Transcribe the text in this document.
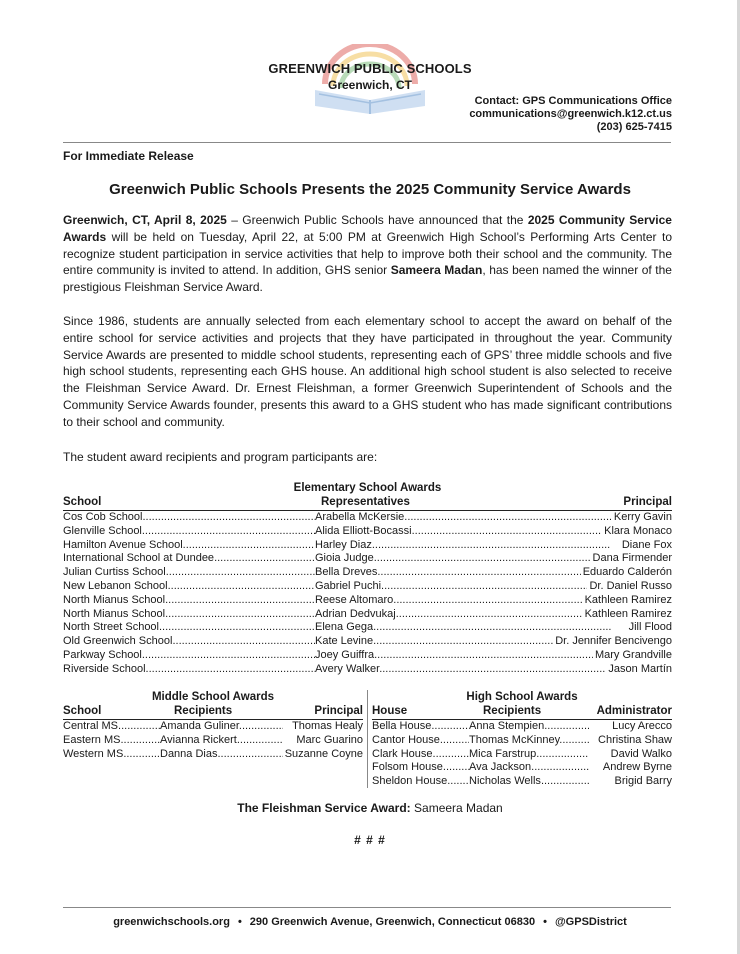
GREENWICH PUBLIC SCHOOLS
Greenwich, CT
Contact: GPS Communications Office
communications@greenwich.k12.ct.us
(203) 625-7415
For Immediate Release
Greenwich Public Schools Presents the 2025 Community Service Awards

Greenwich, CT, April 8, 2025 – Greenwich Public Schools have announced that the 2025 Community Service Awards will be held on Tuesday, April 22, at 5:00 PM at Greenwich High School’s Performing Arts Center to recognize student participation in service activities that help to improve both their school and the community. The entire community is invited to attend. In addition, GHS senior Sameera Madan, has been named the winner of the prestigious Fleishman Service Award.

Since 1986, students are annually selected from each elementary school to accept the award on behalf of the entire school for service activities and projects that they have participated in throughout the year. Community Service Awards are presented to middle school students, representing each of GPS’ three middle schools and five high school students, representing each GHS house. An additional high school student is also selected to receive the Fleishman Service Award. Dr. Ernest Fleishman, a former Greenwich Superintendent of Schools and the Community Service Awards founder, presents this award to a GHS student who has made significant contributions to their school and community.

The student award recipients and program participants are:

Elementary School Awards
School	Representatives	Principal
Cos Cob School .....	Arabella McKersie .....	Kerry Gavin
Glenville School .....	Alida Elliott-Bocassi .....	Klara Monaco
Hamilton Avenue School .....	Harley Diaz .....	Diane Fox
International School at Dundee .....	Gioia Judge .....	Dana Firmender
Julian Curtiss School .....	Bella Dreves .....	Eduardo Calderón
New Lebanon School .....	Gabriel Puchi .....	Dr. Daniel Russo
North Mianus School .....	Reese Altomaro .....	Kathleen Ramirez
North Mianus School .....	Adrian Dedvukaj .....	Kathleen Ramirez
North Street School .....	Elena Gega .....	Jill Flood
Old Greenwich School .....	Kate Levine .....	Dr. Jennifer Bencivengo
Parkway School .....	Joey Guiffra .....	Mary Grandville
Riverside School .....	Avery Walker .....	Jason Martín
Middle School Awards
School	Recipients	Principal
Central MS .....	Amanda Guliner .....	Thomas Healy
Eastern MS .....	Avianna Rickert .....	Marc Guarino
Western MS .....	Danna Dias .....	Suzanne Coyne
High School Awards
House	Recipients	Administrator
Bella House .....	Anna Stempien .....	Lucy Arecco
Cantor House .....	Thomas McKinney .....	Christina Shaw
Clark House .....	Mica Farstrup .....	David Walko
Folsom House .....	Ava Jackson .....	Andrew Byrne
Sheldon House .....	Nicholas Wells .....	Brigid Barry
The Fleishman Service Award: Sameera Madan
# # #
greenwichschools.org • 290 Greenwich Avenue, Greenwich, Connecticut 06830 • @GPSDistrict
